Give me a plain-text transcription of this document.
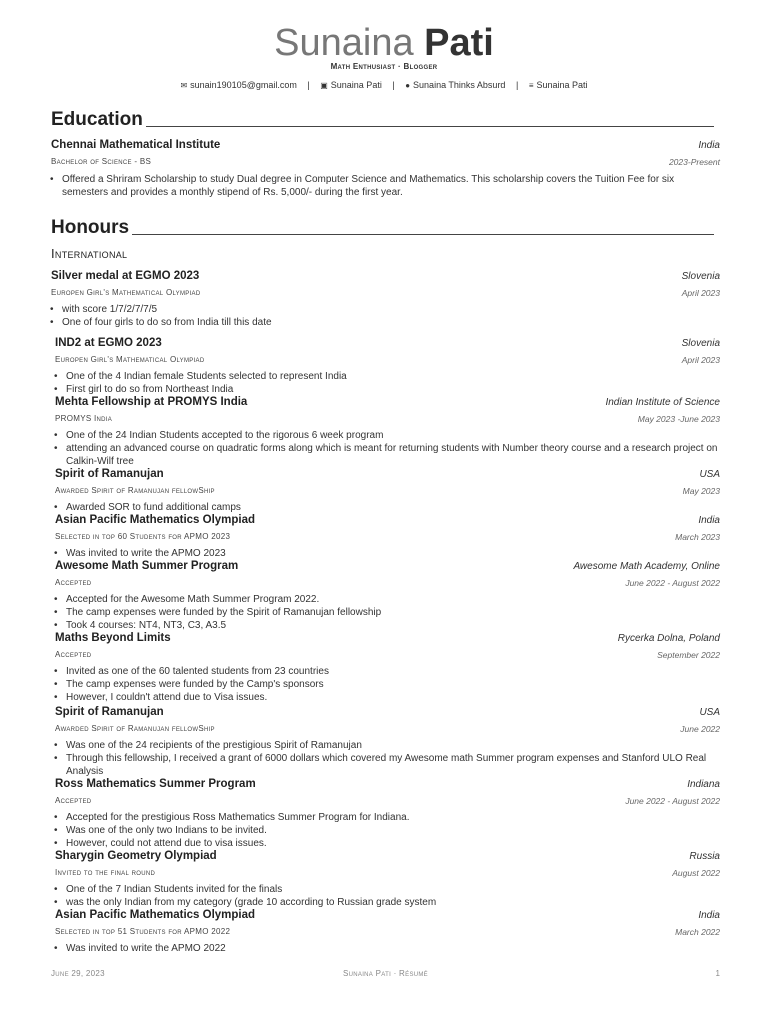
Sunaina Pati
Math Enthusiast · Blogger
✉ sunain190105@gmail.com | ▣ Sunaina Pati | ● Sunaina Thinks Absurd | ≡ Sunaina Pati
Education
Chennai Mathematical Institute	India
Bachelor of Science - BS	2023-Present
• Offered a Shriram Scholarship to study Dual degree in Computer Science and Mathematics. This scholarship covers the Tuition Fee for six semesters and provides a monthly stipend of Rs. 5,000/- during the first year.
Honours
International
Silver medal at EGMO 2023	Slovenia
Europen Girl's Mathematical Olympiad	April 2023
• with score 1/7/2/7/7/5
• One of four girls to do so from India till this date
IND2 at EGMO 2023	Slovenia
Europen Girl's Mathematical Olympiad	April 2023
• One of the 4 Indian female Students selected to represent India
• First girl to do so from Northeast India
Mehta Fellowship at PROMYS India	Indian Institute of Science
PROMYS India	May 2023 -June 2023
• One of the 24 Indian Students accepted to the rigorous 6 week program
• attending an advanced course on quadratic forms along which is meant for returning students with Number theory course and a research project on Calkin-Wilf tree
Spirit of Ramanujan	USA
Awarded Spirit of Ramanujan fellowShip	May 2023
• Awarded SOR to fund additional camps
Asian Pacific Mathematics Olympiad	India
Selected in top 60 Students for APMO 2023	March 2023
• Was invited to write the APMO 2023
Awesome Math Summer Program	Awesome Math Academy, Online
Accepted	June 2022 - August 2022
• Accepted for the Awesome Math Summer Program 2022.
• The camp expenses were funded by the Spirit of Ramanujan fellowship
• Took 4 courses: NT4, NT3, C3, A3.5
Maths Beyond Limits	Rycerka Dolna, Poland
Accepted	September 2022
• Invited as one of the 60 talented students from 23 countries
• The camp expenses were funded by the Camp's sponsors
• However, I couldn't attend due to Visa issues.
Spirit of Ramanujan	USA
Awarded Spirit of Ramanujan fellowShip	June 2022
• Was one of the 24 recipients of the prestigious Spirit of Ramanujan
• Through this fellowship, I received a grant of 6000 dollars which covered my Awesome math Summer program expenses and Stanford ULO Real Analysis
Ross Mathematics Summer Program	Indiana
Accepted	June 2022 - August 2022
• Accepted for the prestigious Ross Mathematics Summer Program for Indiana.
• Was one of the only two Indians to be invited.
• However, could not attend due to visa issues.
Sharygin Geometry Olympiad	Russia
Invited to the final round	August 2022
• One of the 7 Indian Students invited for the finals
• was the only Indian from my category (grade 10 according to Russian grade system
Asian Pacific Mathematics Olympiad	India
Selected in top 51 Students for APMO 2022	March 2022
• Was invited to write the APMO 2022
June 29, 2023	Sunaina Pati · Résumé	1
